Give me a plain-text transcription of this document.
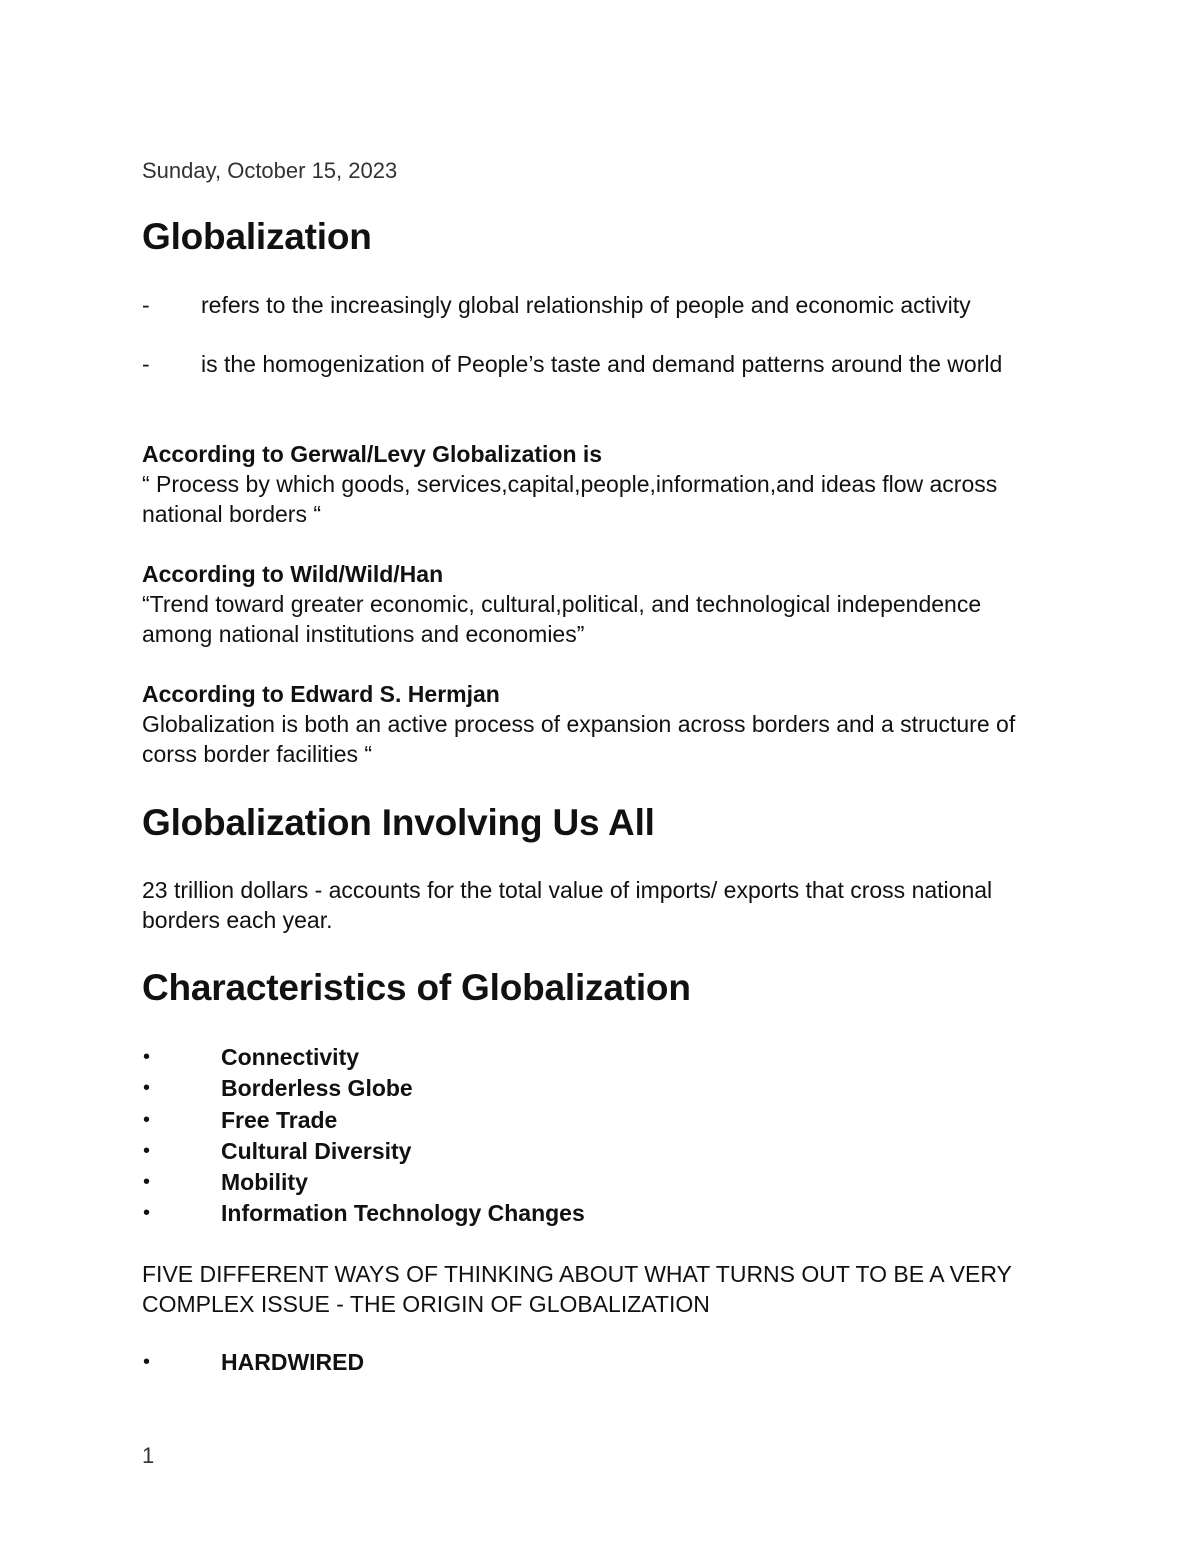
Sunday, October 15, 2023
Globalization
- refers to the increasingly global relationship of people and economic activity
- is the homogenization of People’s taste and demand patterns around the world
According to Gerwal/Levy Globalization is
“ Process by which goods, services,capital,people,information,and ideas flow across national borders “
According to Wild/Wild/Han
“Trend toward greater economic, cultural,political, and technological independence among national institutions and economies”
According to Edward S. Hermjan
Globalization is both an active process of expansion across borders and a structure of corss border facilities “
Globalization Involving Us All
23 trillion dollars - accounts for the total value of imports/ exports that cross national borders each year.
Characteristics of Globalization
•	Connectivity
•	Borderless Globe
•	Free Trade
•	Cultural Diversity
•	Mobility
•	Information Technology Changes
FIVE DIFFERENT WAYS OF THINKING ABOUT WHAT TURNS OUT TO BE A VERY COMPLEX ISSUE - THE ORIGIN OF GLOBALIZATION
•	HARDWIRED
1
